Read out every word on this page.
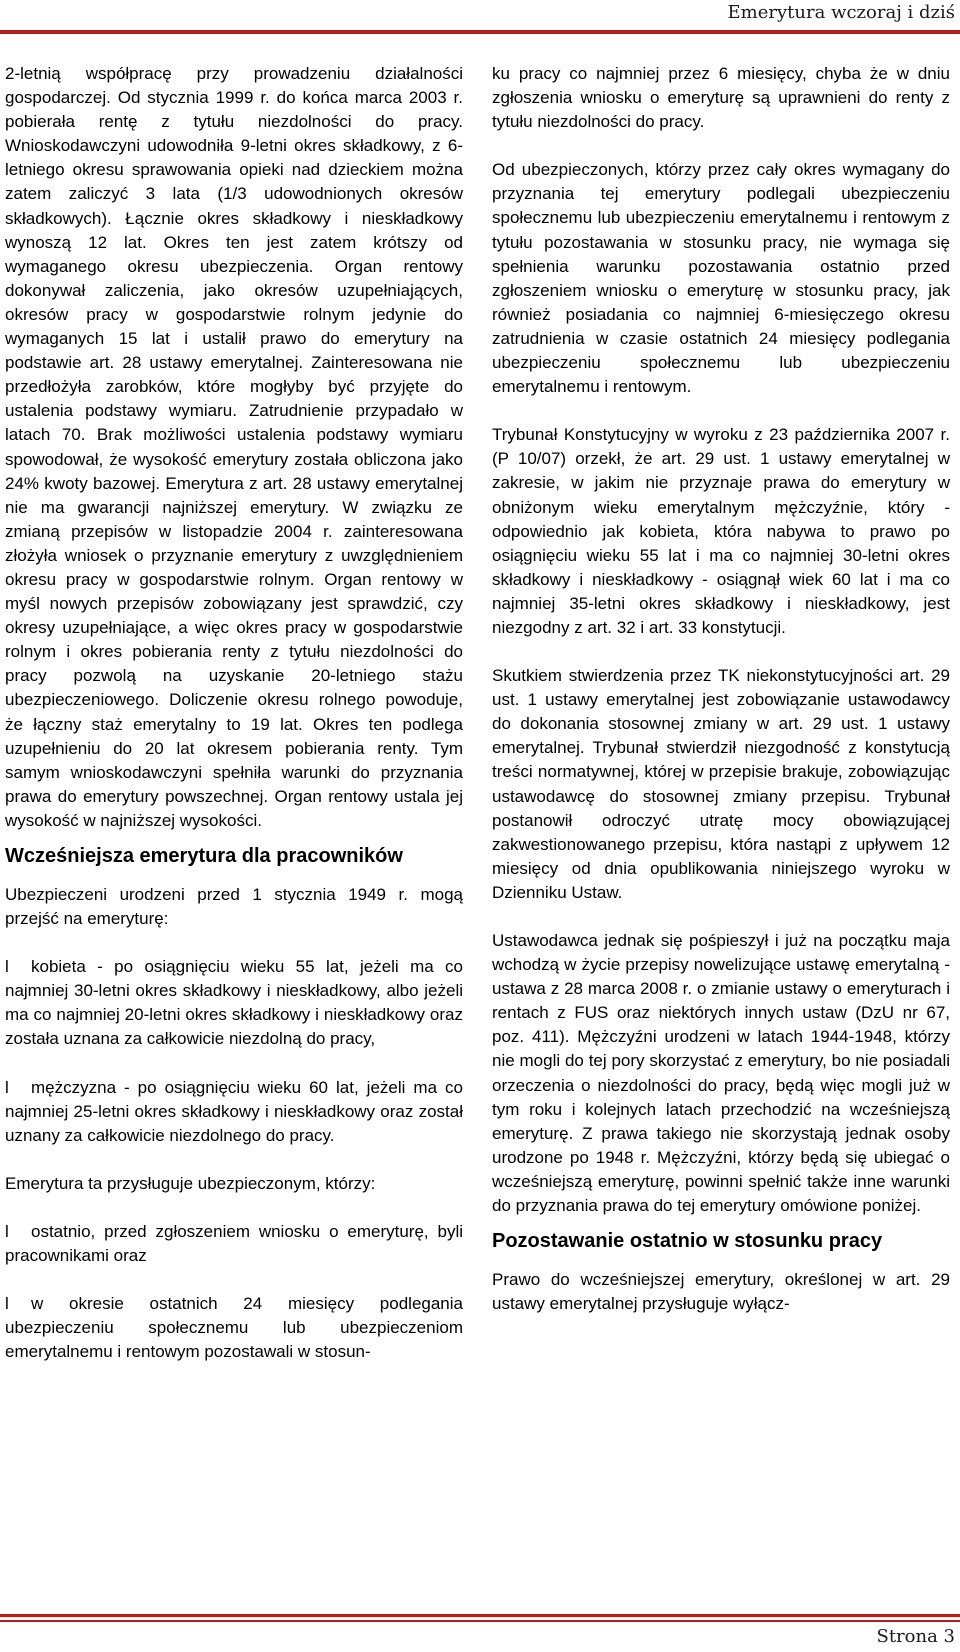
Emerytura wczoraj i dziś

2-letnią współpracę przy prowadzeniu działalności gospodarczej. Od stycznia 1999 r. do końca marca 2003 r. pobierała rentę z tytułu niezdolności do pracy. Wnioskodawczyni udowodniła 9-letni okres składkowy, z 6-letniego okresu sprawowania opieki nad dzieckiem można zatem zaliczyć 3 lata (1/3 udowodnionych okresów składkowych). Łącznie okres składkowy i nieskładkowy wynoszą 12 lat. Okres ten jest zatem krótszy od wymaganego okresu ubezpieczenia. Organ rentowy dokonywał zaliczenia, jako okresów uzupełniających, okresów pracy w gospodarstwie rolnym jedynie do wymaganych 15 lat i ustalił prawo do emerytury na podstawie art. 28 ustawy emerytalnej. Zainteresowana nie przedłożyła zarobków, które mogłyby być przyjęte do ustalenia podstawy wymiaru. Zatrudnienie przypadało w latach 70. Brak możliwości ustalenia podstawy wymiaru spowodował, że wysokość emerytury została obliczona jako 24% kwoty bazowej. Emerytura z art. 28 ustawy emerytalnej nie ma gwarancji najniższej emerytury. W związku ze zmianą przepisów w listopadzie 2004 r. zainteresowana złożyła wniosek o przyznanie emerytury z uwzględnieniem okresu pracy w gospodarstwie rolnym. Organ rentowy w myśl nowych przepisów zobowiązany jest sprawdzić, czy okresy uzupełniające, a więc okres pracy w gospodarstwie rolnym i okres pobierania renty z tytułu niezdolności do pracy pozwolą na uzyskanie 20-letniego stażu ubezpieczeniowego. Doliczenie okresu rolnego powoduje, że łączny staż emerytalny to 19 lat. Okres ten podlega uzupełnieniu do 20 lat okresem pobierania renty. Tym samym wnioskodawczyni spełniła warunki do przyznania prawa do emerytury powszechnej. Organ rentowy ustala jej wysokość w najniższej wysokości.

Wcześniejsza emerytura dla pracowników

Ubezpieczeni urodzeni przed 1 stycznia 1949 r. mogą przejść na emeryturę:

l kobieta - po osiągnięciu wieku 55 lat, jeżeli ma co najmniej 30-letni okres składkowy i nieskładkowy, albo jeżeli ma co najmniej 20-letni okres składkowy i nieskładkowy oraz została uznana za całkowicie niezdolną do pracy,

l mężczyzna - po osiągnięciu wieku 60 lat, jeżeli ma co najmniej 25-letni okres składkowy i nieskładkowy oraz został uznany za całkowicie niezdolnego do pracy.

Emerytura ta przysługuje ubezpieczonym, którzy:

l ostatnio, przed zgłoszeniem wniosku o emeryturę, byli pracownikami oraz

l w okresie ostatnich 24 miesięcy podlegania ubezpieczeniu społecznemu lub ubezpieczeniom emerytalnemu i rentowym pozostawali w stosun-

ku pracy co najmniej przez 6 miesięcy, chyba że w dniu zgłoszenia wniosku o emeryturę są uprawnieni do renty z tytułu niezdolności do pracy.

Od ubezpieczonych, którzy przez cały okres wymagany do przyznania tej emerytury podlegali ubezpieczeniu społecznemu lub ubezpieczeniu emerytalnemu i rentowym z tytułu pozostawania w stosunku pracy, nie wymaga się spełnienia warunku pozostawania ostatnio przed zgłoszeniem wniosku o emeryturę w stosunku pracy, jak również posiadania co najmniej 6-miesięczego okresu zatrudnienia w czasie ostatnich 24 miesięcy podlegania ubezpieczeniu społecznemu lub ubezpieczeniu emerytalnemu i rentowym.

Trybunał Konstytucyjny w wyroku z 23 października 2007 r. (P 10/07) orzekł, że art. 29 ust. 1 ustawy emerytalnej w zakresie, w jakim nie przyznaje prawa do emerytury w obniżonym wieku emerytalnym mężczyźnie, który - odpowiednio jak kobieta, która nabywa to prawo po osiągnięciu wieku 55 lat i ma co najmniej 30-letni okres składkowy i nieskładkowy - osiągnął wiek 60 lat i ma co najmniej 35-letni okres składkowy i nieskładkowy, jest niezgodny z art. 32 i art. 33 konstytucji.

Skutkiem stwierdzenia przez TK niekonstytucyjności art. 29 ust. 1 ustawy emerytalnej jest zobowiązanie ustawodawcy do dokonania stosownej zmiany w art. 29 ust. 1 ustawy emerytalnej. Trybunał stwierdził niezgodność z konstytucją treści normatywnej, której w przepisie brakuje, zobowiązując ustawodawcę do stosownej zmiany przepisu. Trybunał postanowił odroczyć utratę mocy obowiązującej zakwestionowanego przepisu, która nastąpi z upływem 12 miesięcy od dnia opublikowania niniejszego wyroku w Dzienniku Ustaw.

Ustawodawca jednak się pośpieszył i już na początku maja wchodzą w życie przepisy nowelizujące ustawę emerytalną - ustawa z 28 marca 2008 r. o zmianie ustawy o emeryturach i rentach z FUS oraz niektórych innych ustaw (DzU nr 67, poz. 411). Mężczyźni urodzeni w latach 1944-1948, którzy nie mogli do tej pory skorzystać z emerytury, bo nie posiadali orzeczenia o niezdolności do pracy, będą więc mogli już w tym roku i kolejnych latach przechodzić na wcześniejszą emeryturę. Z prawa takiego nie skorzystają jednak osoby urodzone po 1948 r. Mężczyźni, którzy będą się ubiegać o wcześniejszą emeryturę, powinni spełnić także inne warunki do przyznania prawa do tej emerytury omówione poniżej.

Pozostawanie ostatnio w stosunku pracy

Prawo do wcześniejszej emerytury, określonej w art. 29 ustawy emerytalnej przysługuje wyłącz-

Strona 3
